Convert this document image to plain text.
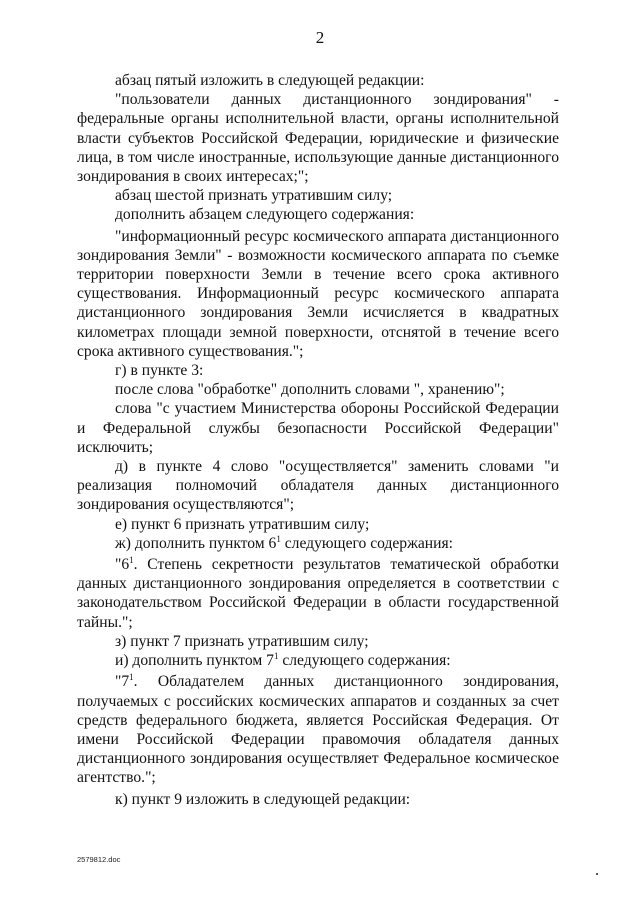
2

абзац пятый изложить в следующей редакции:

"пользователи данных дистанционного зондирования" - федеральные органы исполнительной власти, органы исполнительной власти субъектов Российской Федерации, юридические и физические лица, в том числе иностранные, использующие данные дистанционного зондирования в своих интересах;";

абзац шестой признать утратившим силу;

дополнить абзацем следующего содержания:

"информационный ресурс космического аппарата дистанционного зондирования Земли" - возможности космического аппарата по съемке территории поверхности Земли в течение всего срока активного существования. Информационный ресурс космического аппарата дистанционного зондирования Земли исчисляется в квадратных километрах площади земной поверхности, отснятой в течение всего срока активного существования.";

г) в пункте 3:

после слова "обработке" дополнить словами ", хранению";

слова "с участием Министерства обороны Российской Федерации и Федеральной службы безопасности Российской Федерации" исключить;

д) в пункте 4 слово "осуществляется" заменить словами "и реализация полномочий обладателя данных дистанционного зондирования осуществляются";

е) пункт 6 признать утратившим силу;

ж) дополнить пунктом $6^1$ следующего содержания:

"$6^1$. Степень секретности результатов тематической обработки данных дистанционного зондирования определяется в соответствии с законодательством Российской Федерации в области государственной тайны.";

з) пункт 7 признать утратившим силу;

и) дополнить пунктом $7^1$ следующего содержания:

"$7^1$. Обладателем данных дистанционного зондирования, получаемых с российских космических аппаратов и созданных за счет средств федерального бюджета, является Российская Федерация. От имени Российской Федерации правомочия обладателя данных дистанционного зондирования осуществляет Федеральное космическое агентство.";

к) пункт 9 изложить в следующей редакции:

2579812.doc
